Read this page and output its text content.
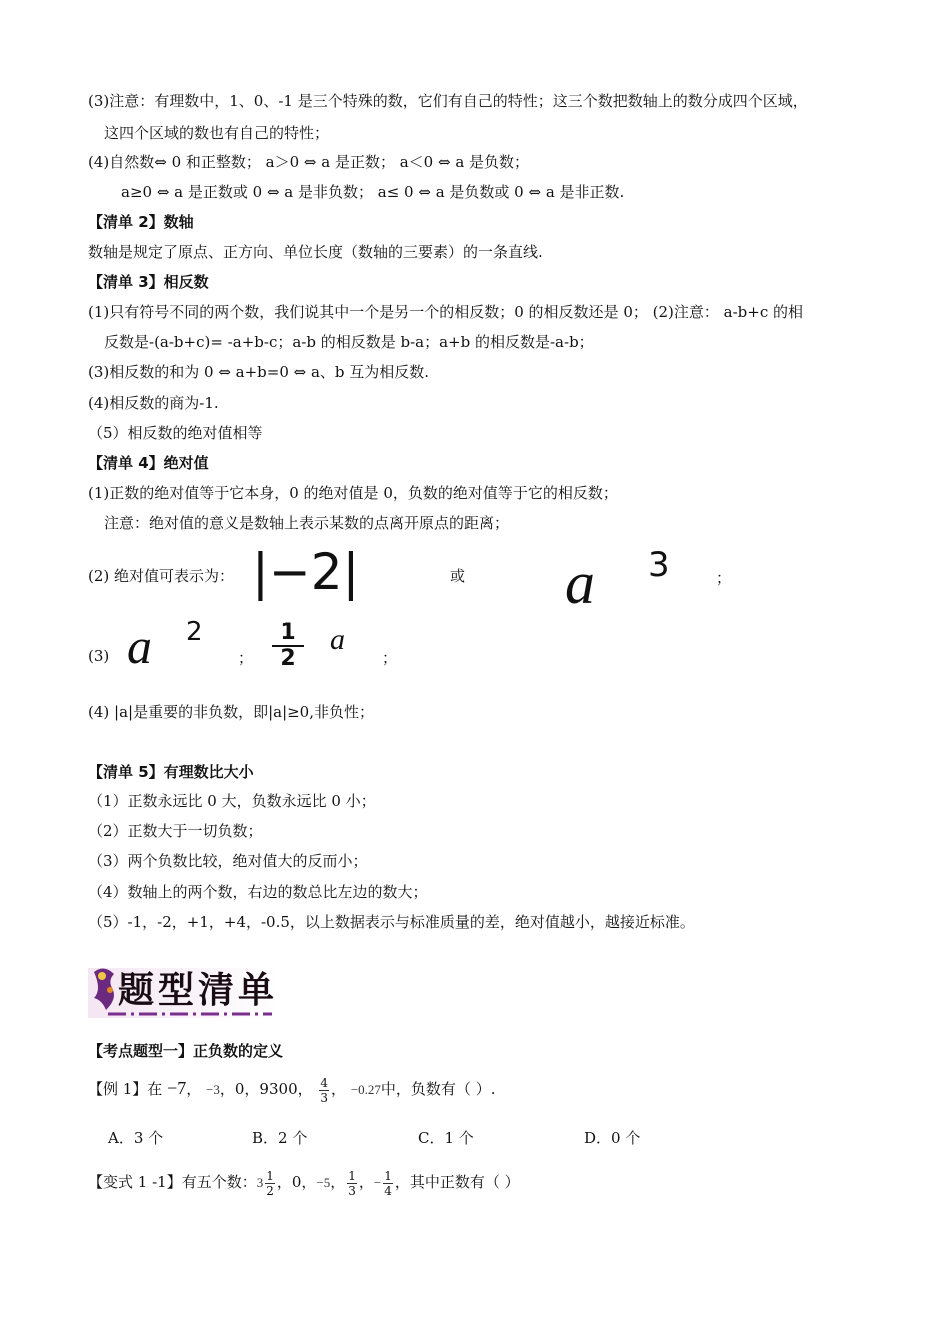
(3)注意：有理数中，1、0、-1 是三个特殊的数，它们有自己的特性；这三个数把数轴上的数分成四个区域，
这四个区域的数也有自己的特性；
(4)自然数⇔ 0 和正整数； a＞0 ⇔ a 是正数； a＜0 ⇔ a 是负数；
a≥0 ⇔ a 是正数或 0 ⇔ a 是非负数； a≤ 0 ⇔ a 是负数或 0 ⇔ a 是非正数.
【清单 2】数轴
数轴是规定了原点、正方向、单位长度（数轴的三要素）的一条直线.
【清单 3】相反数
(1)只有符号不同的两个数，我们说其中一个是另一个的相反数；0 的相反数还是 0； (2)注意： a-b+c 的相
反数是-(a-b+c)= -a+b-c；a-b 的相反数是 b-a；a+b 的相反数是-a-b；
(3)相反数的和为 0 ⇔ a+b=0 ⇔ a、b 互为相反数.
(4)相反数的商为-1.
（5）相反数的绝对值相等
【清单 4】绝对值
(1)正数的绝对值等于它本身，0 的绝对值是 0，负数的绝对值等于它的相反数；
注意：绝对值的意义是数轴上表示某数的点离开原点的距离；
(2) 绝对值可表示为： |−2|	或 a 3	；
(3) a 2
；
1
2
a
；
(4) |a|是重要的非负数，即|a|≥0,非负性；
【清单 5】有理数比大小
（1）正数永远比 0 大，负数永远比 0 小；
（2）正数大于一切负数；
（3）两个负数比较，绝对值大的反而小；
（4）数轴上的两个数，右边的数总比左边的数大；
（5）-1，-2，+1，+4，-0.5，以上数据表示与标准质量的差，绝对值越小，越接近标准。
题型清单
【考点题型一】正负数的定义
【例 1】在 −7， −3，0，9300， $\frac{4}{3}$ ， −0.27中，负数有（ ）.
A．3 个	B．2 个	C．1 个	D．0 个
【变式 1 -1】有五个数：$3 \frac{1}{2}$ ，0，−5， $\frac{1}{3}$ ，− $\frac{1}{4}$ ，其中正数有（ ）
